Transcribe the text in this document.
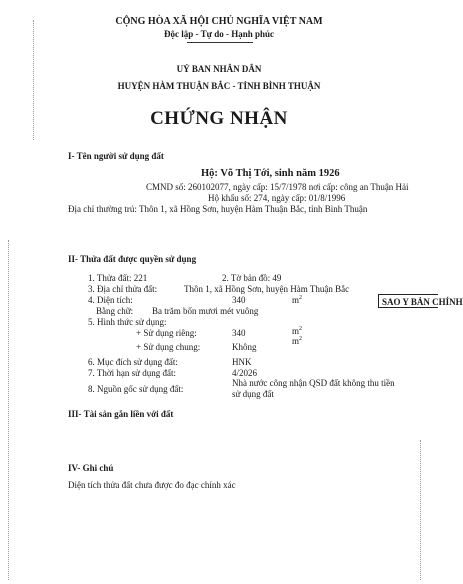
CỘNG HÒA XÃ HỘI CHỦ NGHĨA VIỆT NAM
Độc lập - Tự do - Hạnh phúc
UỶ BAN NHÂN DÂN
HUYỆN HÀM THUẬN BẮC - TỈNH BÌNH THUẬN
CHỨNG NHẬN
I- Tên người sử dụng đất
Hộ: Võ Thị Tới, sinh năm 1926
CMND số: 260102077, ngày cấp: 15/7/1978 nơi cấp: công an Thuận Hải
Hộ khẩu số: 274, ngày cấp: 01/8/1996
Địa chỉ thường trú: Thôn 1, xã Hồng Sơn, huyện Hàm Thuận Bắc, tỉnh Bình Thuận
II- Thửa đất được quyền sử dụng
1. Thửa đất: 221	2. Tờ bản đồ: 49
3. Địa chỉ thửa đất:	Thôn 1, xã Hồng Sơn, huyện Hàm Thuận Bắc
4. Diện tích:	340	$m^2$
Bằng chữ: Ba trăm bốn mươi mét vuông
5. Hình thức sử dụng:
+ Sử dụng riêng:	340	$m^2$
+ Sử dụng chung:	Không
$m^2$
6. Mục đích sử dụng đất:	HNK
7. Thời hạn sử dụng đất:	4/2026
8. Nguồn gốc sử dụng đất:
Nhà nước công nhận QSD đất không thu tiền
sử dụng đất
SAO Y BẢN CHÍNH
III- Tài sản gắn liền với đất
IV- Ghi chú
Diện tích thửa đất chưa được đo đạc chính xác
